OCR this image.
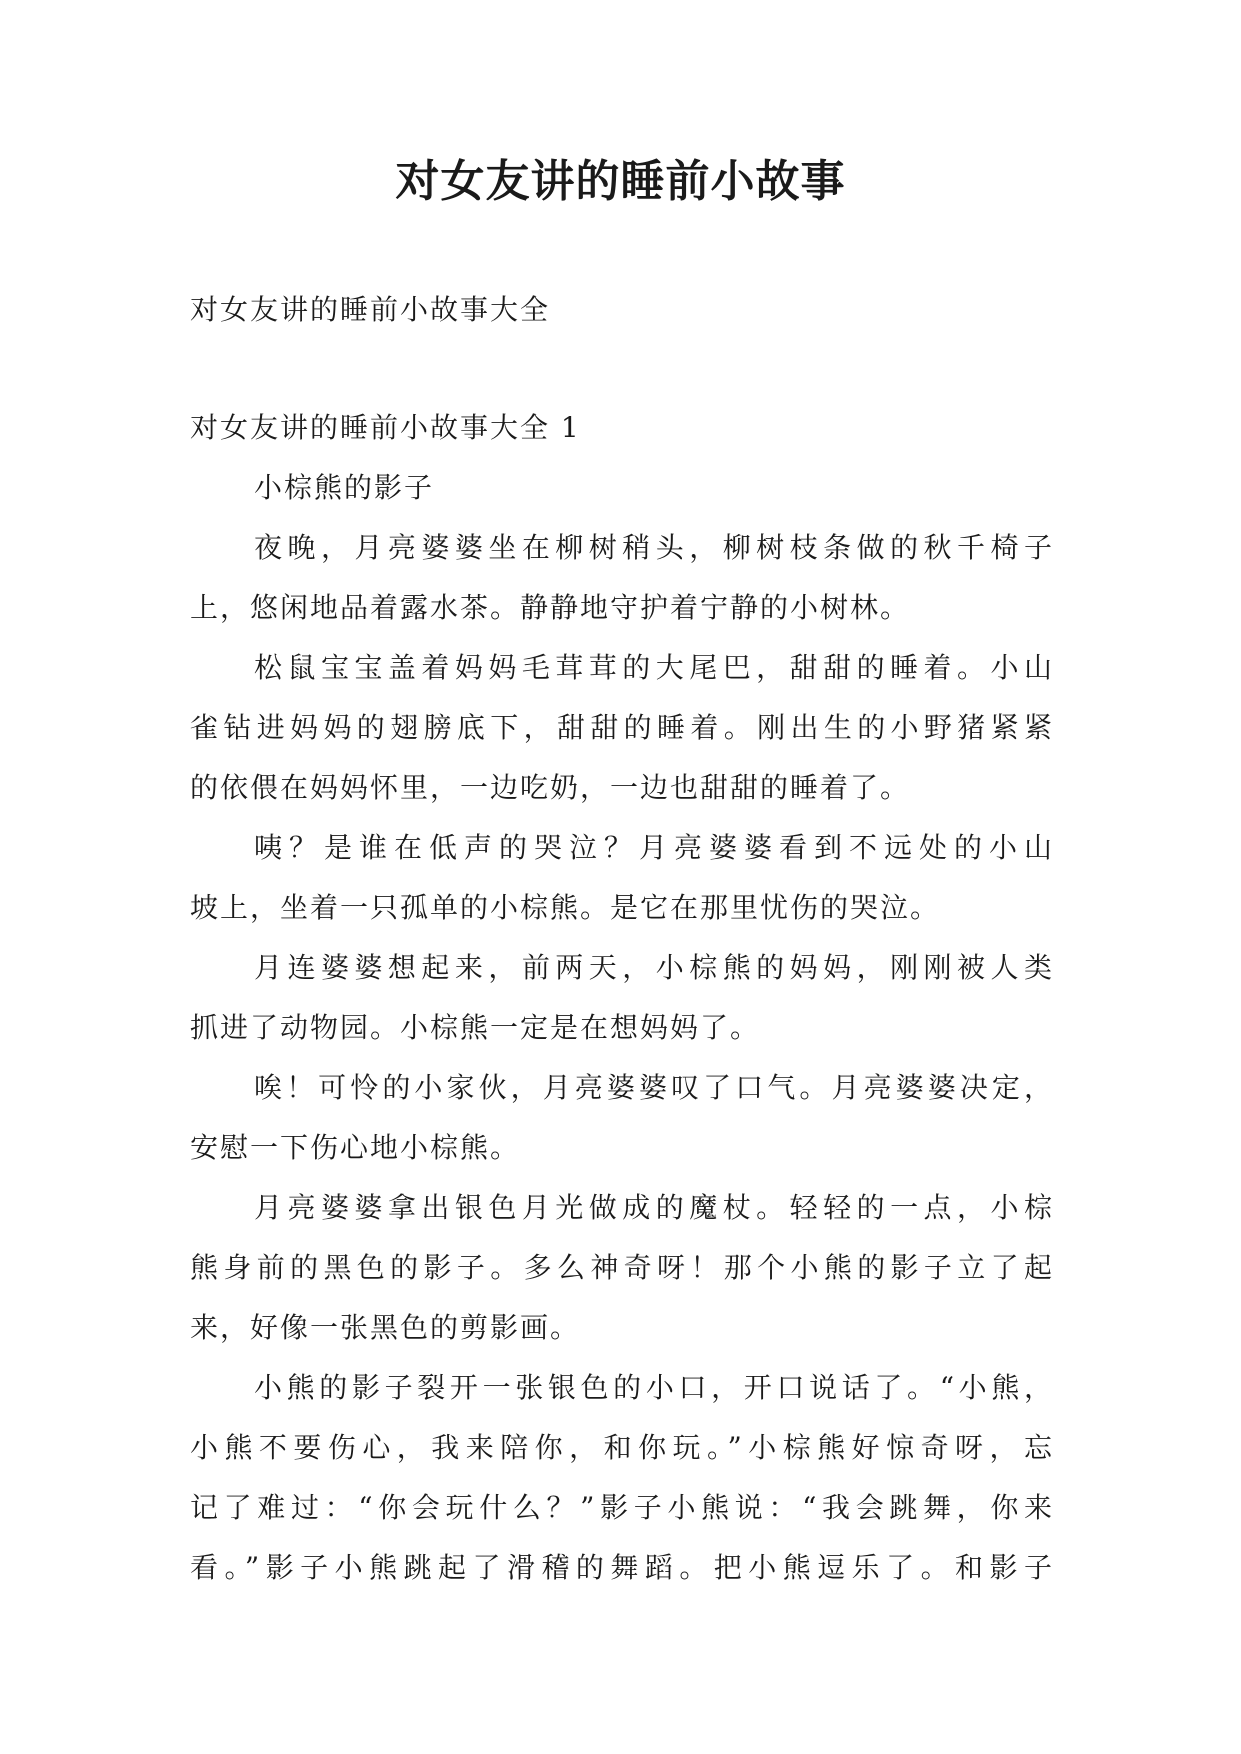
对女友讲的睡前小故事

对女友讲的睡前小故事大全

对女友讲的睡前小故事大全 1

小棕熊的影子

夜晚，月亮婆婆坐在柳树稍头，柳树枝条做的秋千椅子

上，悠闲地品着露水茶。静静地守护着宁静的小树林。

松鼠宝宝盖着妈妈毛茸茸的大尾巴，甜甜的睡着。小山

雀钻进妈妈的翅膀底下，甜甜的睡着。刚出生的小野猪紧紧

的依偎在妈妈怀里，一边吃奶，一边也甜甜的睡着了。

咦？是谁在低声的哭泣？月亮婆婆看到不远处的小山

坡上，坐着一只孤单的小棕熊。是它在那里忧伤的哭泣。

月连婆婆想起来，前两天，小棕熊的妈妈，刚刚被人类

抓进了动物园。小棕熊一定是在想妈妈了。

唉！可怜的小家伙，月亮婆婆叹了口气。月亮婆婆决定，

安慰一下伤心地小棕熊。

月亮婆婆拿出银色月光做成的魔杖。轻轻的一点，小棕

熊身前的黑色的影子。多么神奇呀！那个小熊的影子立了起

来，好像一张黑色的剪影画。

小熊的影子裂开一张银色的小口，开口说话了。“小熊，

小熊不要伤心，我来陪你，和你玩。”小棕熊好惊奇呀，忘

记了难过：“你会玩什么？”影子小熊说：“我会跳舞，你来

看。”影子小熊跳起了滑稽的舞蹈。把小熊逗乐了。和影子
